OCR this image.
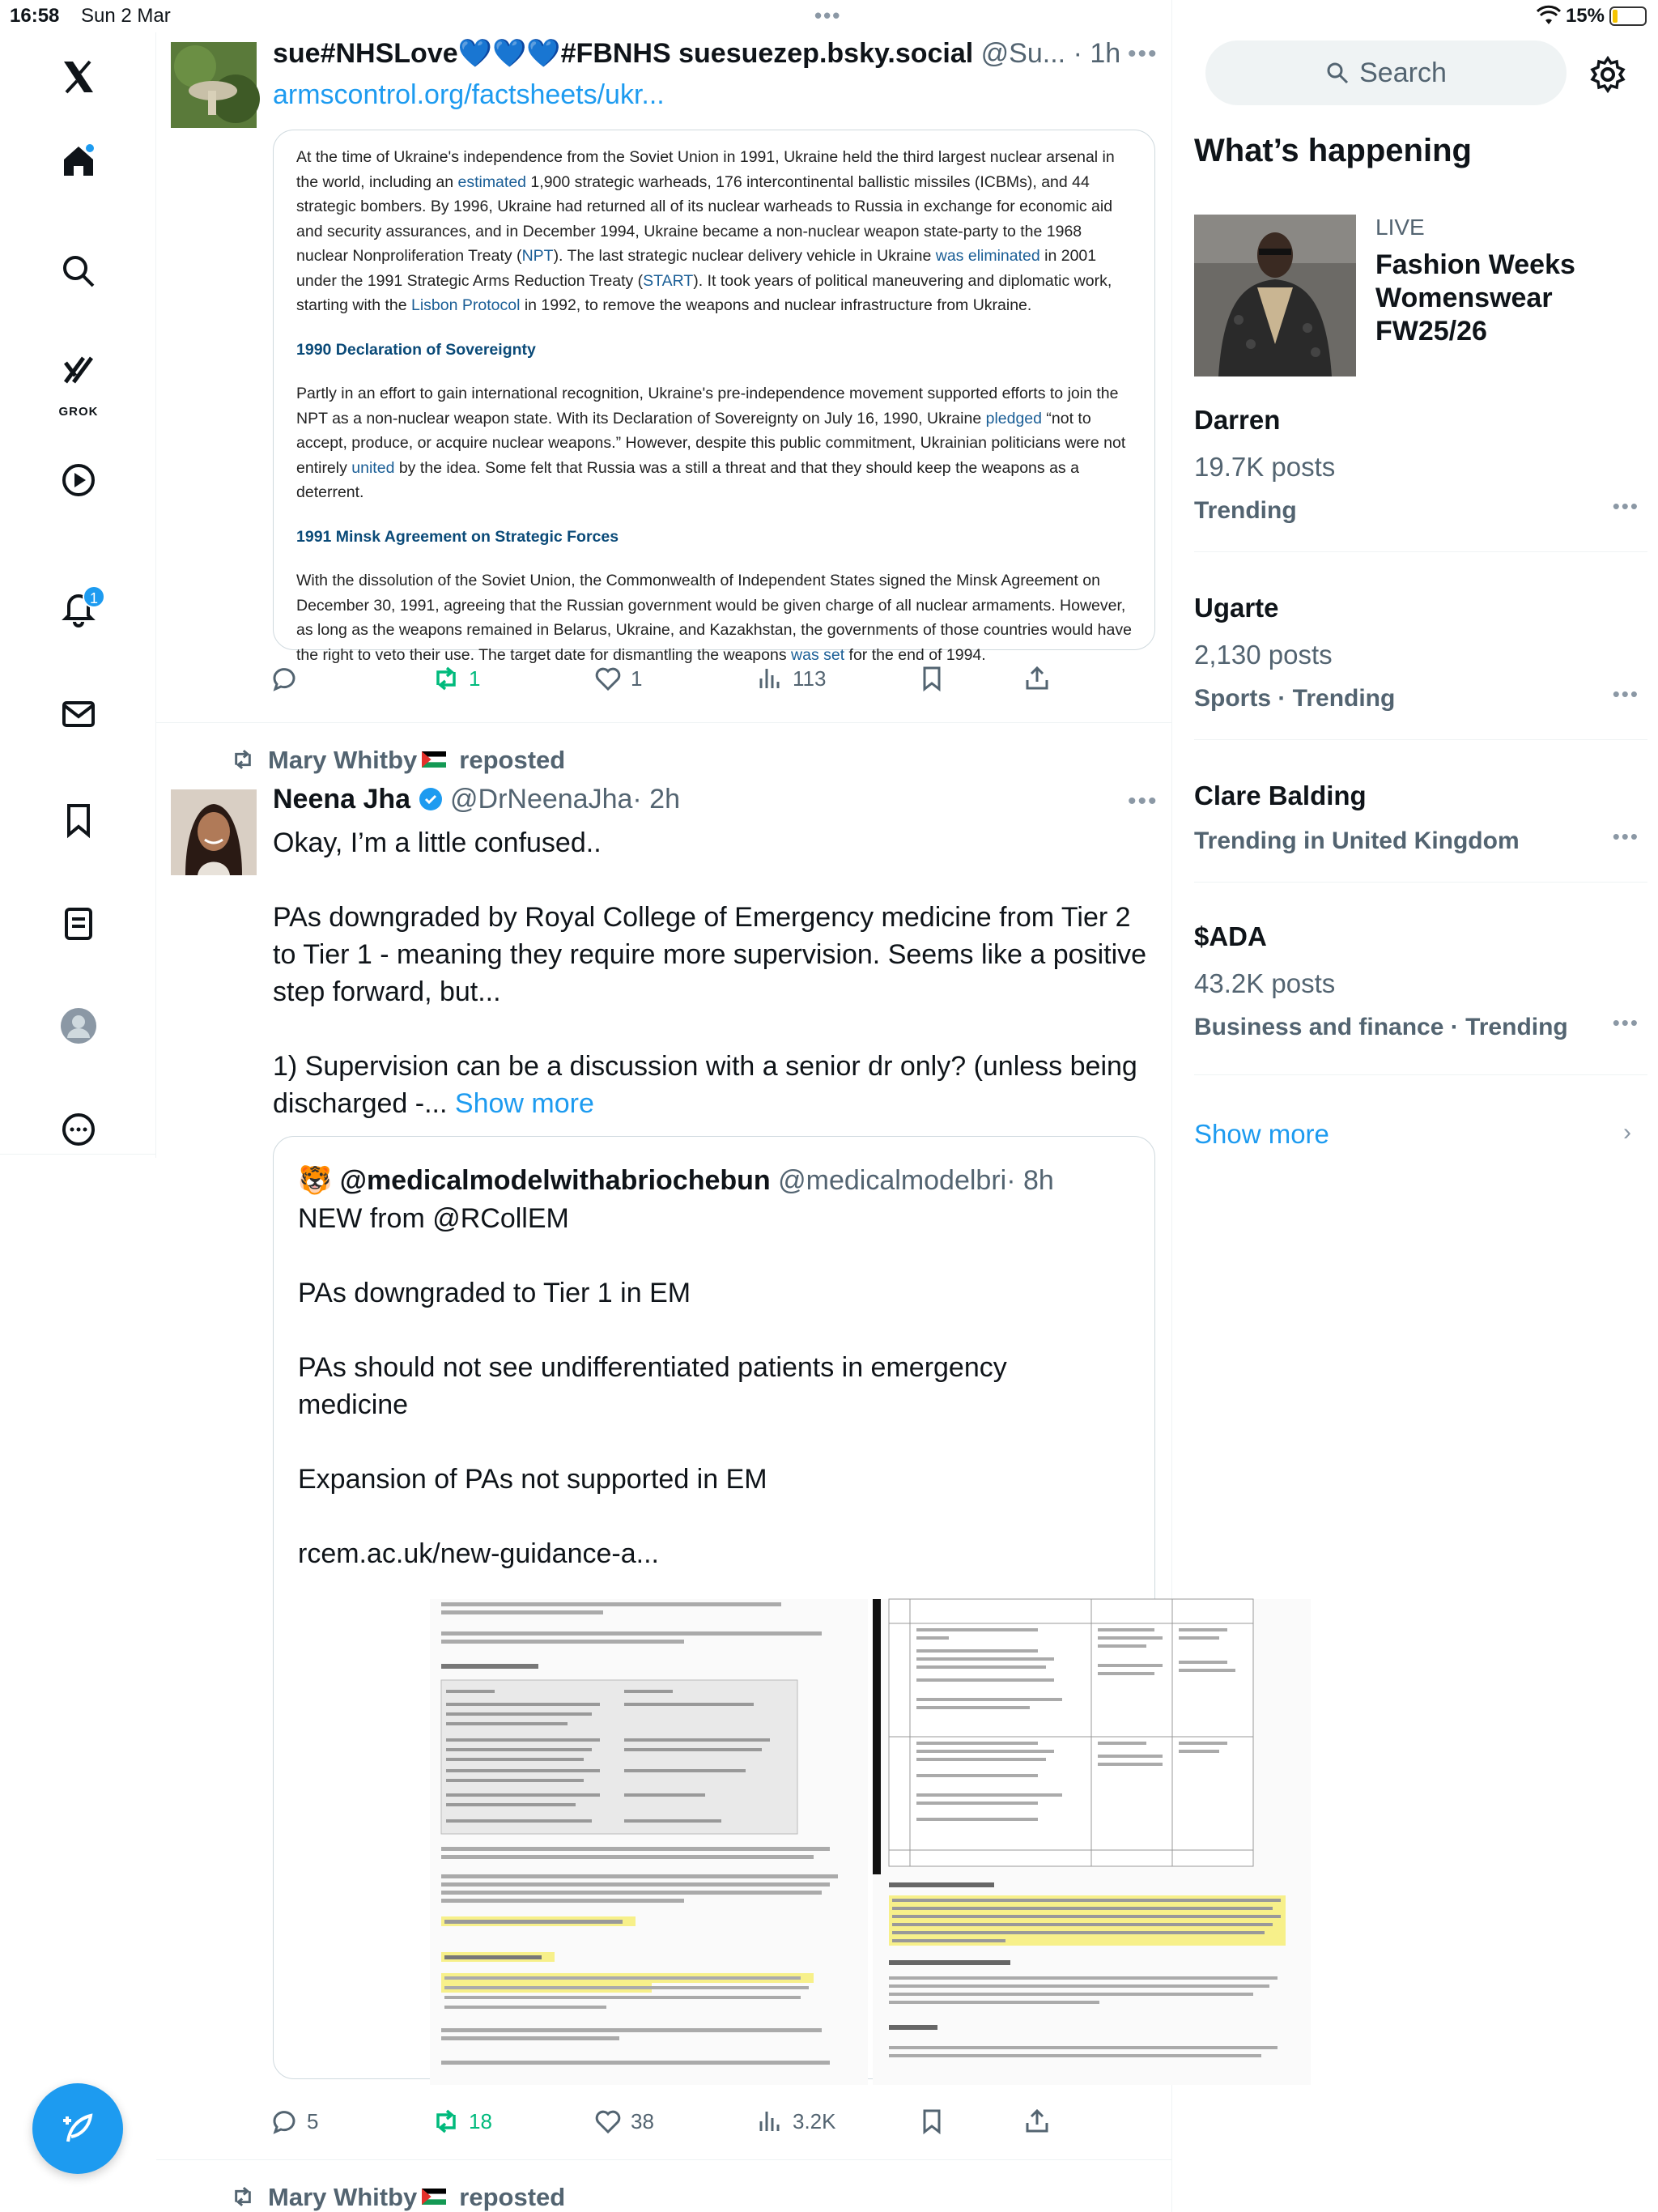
16:58 Sun 2 Mar	•••	15%
GROK
1
sue#NHSLove💙💙💙#FBNHS suesuezep.bsky.social @Su... · 1h •••
armscontrol.org/factsheets/ukr...

At the time of Ukraine's independence from the Soviet Union in 1991, Ukraine held the third largest nuclear arsenal in the world, including an estimated 1,900 strategic warheads, 176 intercontinental ballistic missiles (ICBMs), and 44 strategic bombers. By 1996, Ukraine had returned all of its nuclear warheads to Russia in exchange for economic aid and security assurances, and in December 1994, Ukraine became a non-nuclear weapon state-party to the 1968 nuclear Nonproliferation Treaty (NPT). The last strategic nuclear delivery vehicle in Ukraine was eliminated in 2001 under the 1991 Strategic Arms Reduction Treaty (START). It took years of political maneuvering and diplomatic work, starting with the Lisbon Protocol in 1992, to remove the weapons and nuclear infrastructure from Ukraine.

1990 Declaration of Sovereignty

Partly in an effort to gain international recognition, Ukraine's pre-independence movement supported efforts to join the NPT as a non-nuclear weapon state. With its Declaration of Sovereignty on July 16, 1990, Ukraine pledged “not to accept, produce, or acquire nuclear weapons.” However, despite this public commitment, Ukrainian politicians were not entirely united by the idea. Some felt that Russia was a still a threat and that they should keep the weapons as a deterrent.

1991 Minsk Agreement on Strategic Forces

With the dissolution of the Soviet Union, the Commonwealth of Independent States signed the Minsk Agreement on December 30, 1991, agreeing that the Russian government would be given charge of all nuclear armaments. However, as long as the weapons remained in Belarus, Ukraine, and Kazakhstan, the governments of those countries would have the right to veto their use. The target date for dismantling the weapons was set for the end of 1994.

1	1	113
Mary Whitby reposted
Neena Jha @DrNeenaJha· 2h	•••
Okay, I’m a little confused..
PAs downgraded by Royal College of Emergency medicine from Tier 2 to Tier 1 - meaning they require more supervision. Seems like a positive step forward, but...
1) Supervision can be a discussion with a senior dr only? (unless being discharged -... Show more
🐯 @medicalmodelwithabriochebun @medicalmodelbri· 8h
NEW from @RCollEM
PAs downgraded to Tier 1 in EM
PAs should not see undifferentiated patients in emergency medicine
Expansion of PAs not supported in EM
rcem.ac.uk/new-guidance-a...
5	18	38	3.2K
Mary Whitby reposted
Search
What’s happening
LIVE
Fashion Weeks Womenswear FW25/26
Darren
19.7K posts
Trending	•••
Ugarte
2,130 posts
Sports · Trending	•••
Clare Balding
Trending in United Kingdom	•••
$ADA
43.2K posts
Business and finance · Trending •••
Show more	›
